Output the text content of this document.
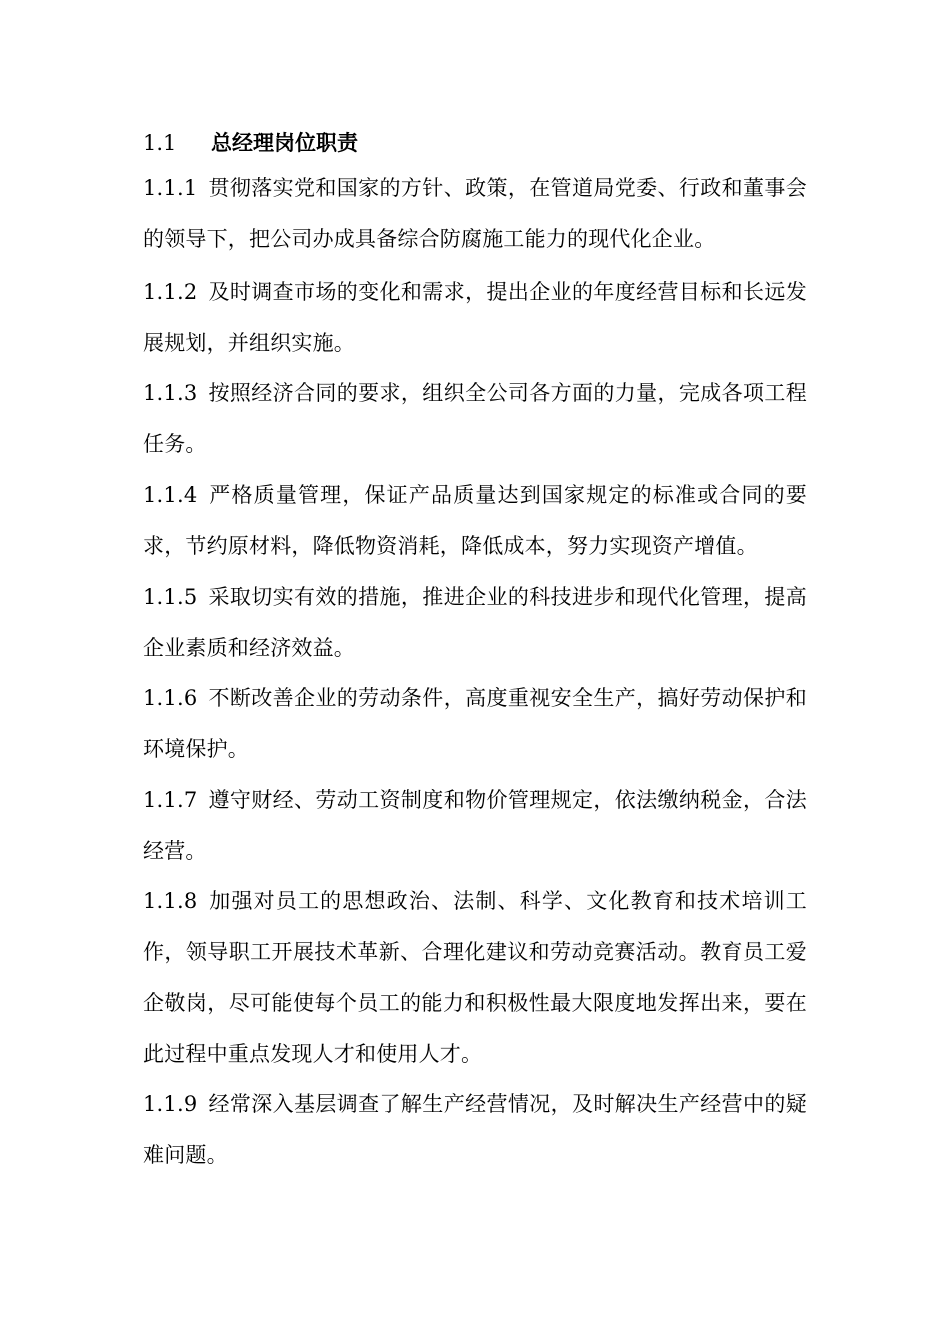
1.1 总经理岗位职责
1.1.1 贯彻落实党和国家的方针、政策，在管道局党委、行政和董事会的领导下，把公司办成具备综合防腐施工能力的现代化企业。
1.1.2 及时调查市场的变化和需求，提出企业的年度经营目标和长远发展规划，并组织实施。
1.1.3 按照经济合同的要求，组织全公司各方面的力量，完成各项工程任务。
1.1.4 严格质量管理，保证产品质量达到国家规定的标准或合同的要求，节约原材料，降低物资消耗，降低成本，努力实现资产增值。
1.1.5 采取切实有效的措施，推进企业的科技进步和现代化管理，提高企业素质和经济效益。
1.1.6 不断改善企业的劳动条件，高度重视安全生产，搞好劳动保护和环境保护。
1.1.7 遵守财经、劳动工资制度和物价管理规定，依法缴纳税金，合法经营。
1.1.8 加强对员工的思想政治、法制、科学、文化教育和技术培训工作，领导职工开展技术革新、合理化建议和劳动竞赛活动。教育员工爱企敬岗，尽可能使每个员工的能力和积极性最大限度地发挥出来，要在此过程中重点发现人才和使用人才。
1.1.9 经常深入基层调查了解生产经营情况，及时解决生产经营中的疑难问题。
